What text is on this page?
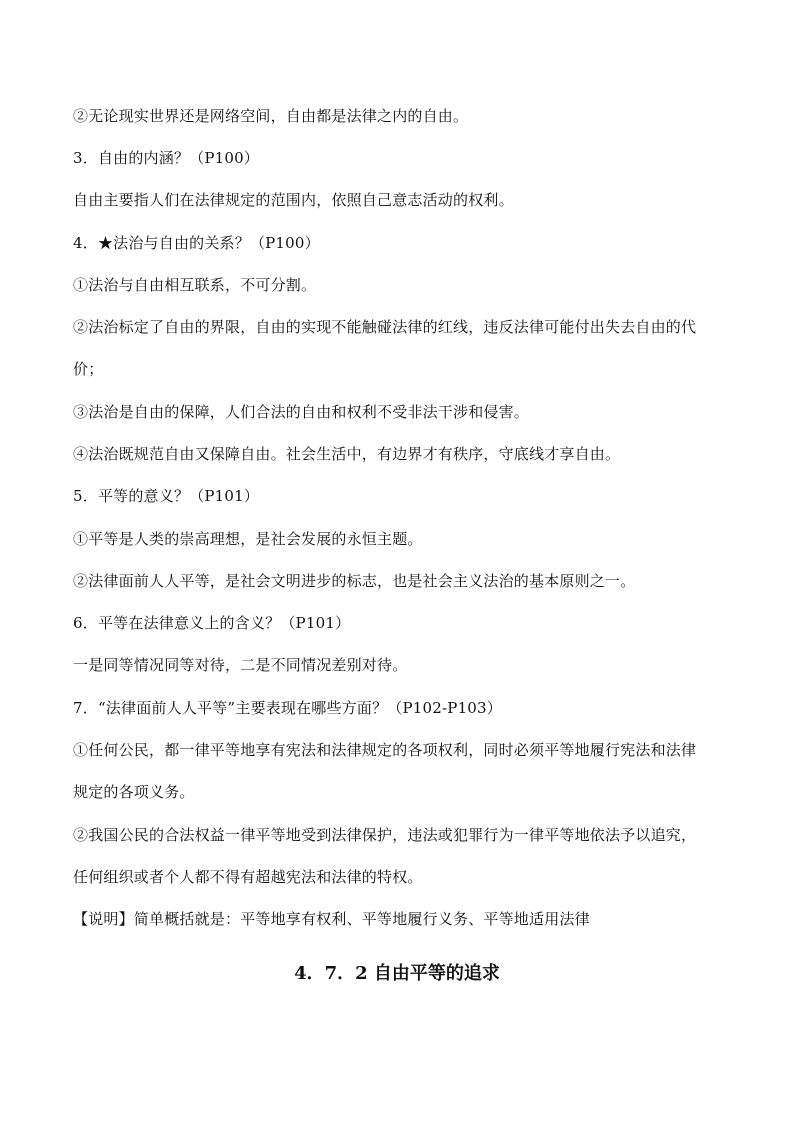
②无论现实世界还是网络空间，自由都是法律之内的自由。
3．自由的内涵？（P100）
自由主要指人们在法律规定的范围内，依照自己意志活动的权利。
4．★法治与自由的关系？（P100）
①法治与自由相互联系，不可分割。
②法治标定了自由的界限，自由的实现不能触碰法律的红线，违反法律可能付出失去自由的代
价；
③法治是自由的保障，人们合法的自由和权利不受非法干涉和侵害。
④法治既规范自由又保障自由。社会生活中，有边界才有秩序，守底线才享自由。
5．平等的意义？（P101）
①平等是人类的崇高理想，是社会发展的永恒主题。
②法律面前人人平等，是社会文明进步的标志，也是社会主义法治的基本原则之一。
6．平等在法律意义上的含义？（P101）
一是同等情况同等对待，二是不同情况差别对待。
7．“法律面前人人平等”主要表现在哪些方面？（P102-P103）
①任何公民，都一律平等地享有宪法和法律规定的各项权利，同时必须平等地履行宪法和法律
规定的各项义务。
②我国公民的合法权益一律平等地受到法律保护，违法或犯罪行为一律平等地依法予以追究，
任何组织或者个人都不得有超越宪法和法律的特权。
【说明】简单概括就是：平等地享有权利、平等地履行义务、平等地适用法律
4．7．2 自由平等的追求
